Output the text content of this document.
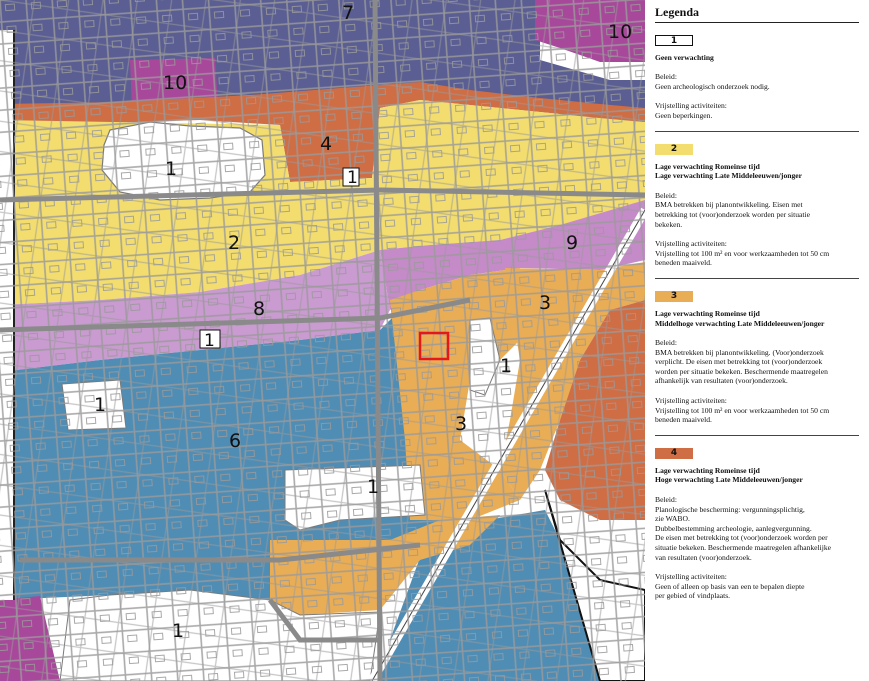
7
10
10
1
4
1
2	9
8
1
3
1
1
6
3
1
1
Legenda
1
Geen verwachting
Beleid:
Geen archeologisch onderzoek nodig.
Vrijstelling activiteiten:
Geen beperkingen.
2
Lage verwachting Romeinse tijd
Lage verwachting Late Middeleeuwen/jonger
Beleid:
BMA betrekken bij planontwikkeling. Eisen met
betrekking tot (voor)onderzoek worden per situatie
bekeken.
Vrijstelling activiteiten:
Vrijstelling tot 100 m² en voor werkzaamheden tot 50 cm
beneden maaiveld.
3
Lage verwachting Romeinse tijd
Middelhoge verwachting Late Middeleeuwen/jonger
Beleid:
BMA betrekken bij planontwikkeling. (Voor)onderzoek
verplicht. De eisen met betrekking tot (voor)onderzoek
worden per situatie bekeken. Beschermende maatregelen
afhankelijk van resultaten (voor)onderzoek.
Vrijstelling activiteiten:
Vrijstelling tot 100 m² en voor werkzaamheden tot 50 cm
beneden maaiveld.
4
Lage verwachting Romeinse tijd
Hoge verwachting Late Middeleeuwen/jonger
Beleid:
Planologische bescherming: vergunningsplichtig,
zie WABO.
Dubbelbestemming archeologie, aanlegvergunning.
De eisen met betrekking tot (voor)onderzoek worden per
situatie bekeken. Beschermende maatregelen afhankelijke
van resultaten (voor)onderzoek.
Vrijstelling activiteiten:
Geen of alleen op basis van een te bepalen diepte
per gebied of vindplaats.
